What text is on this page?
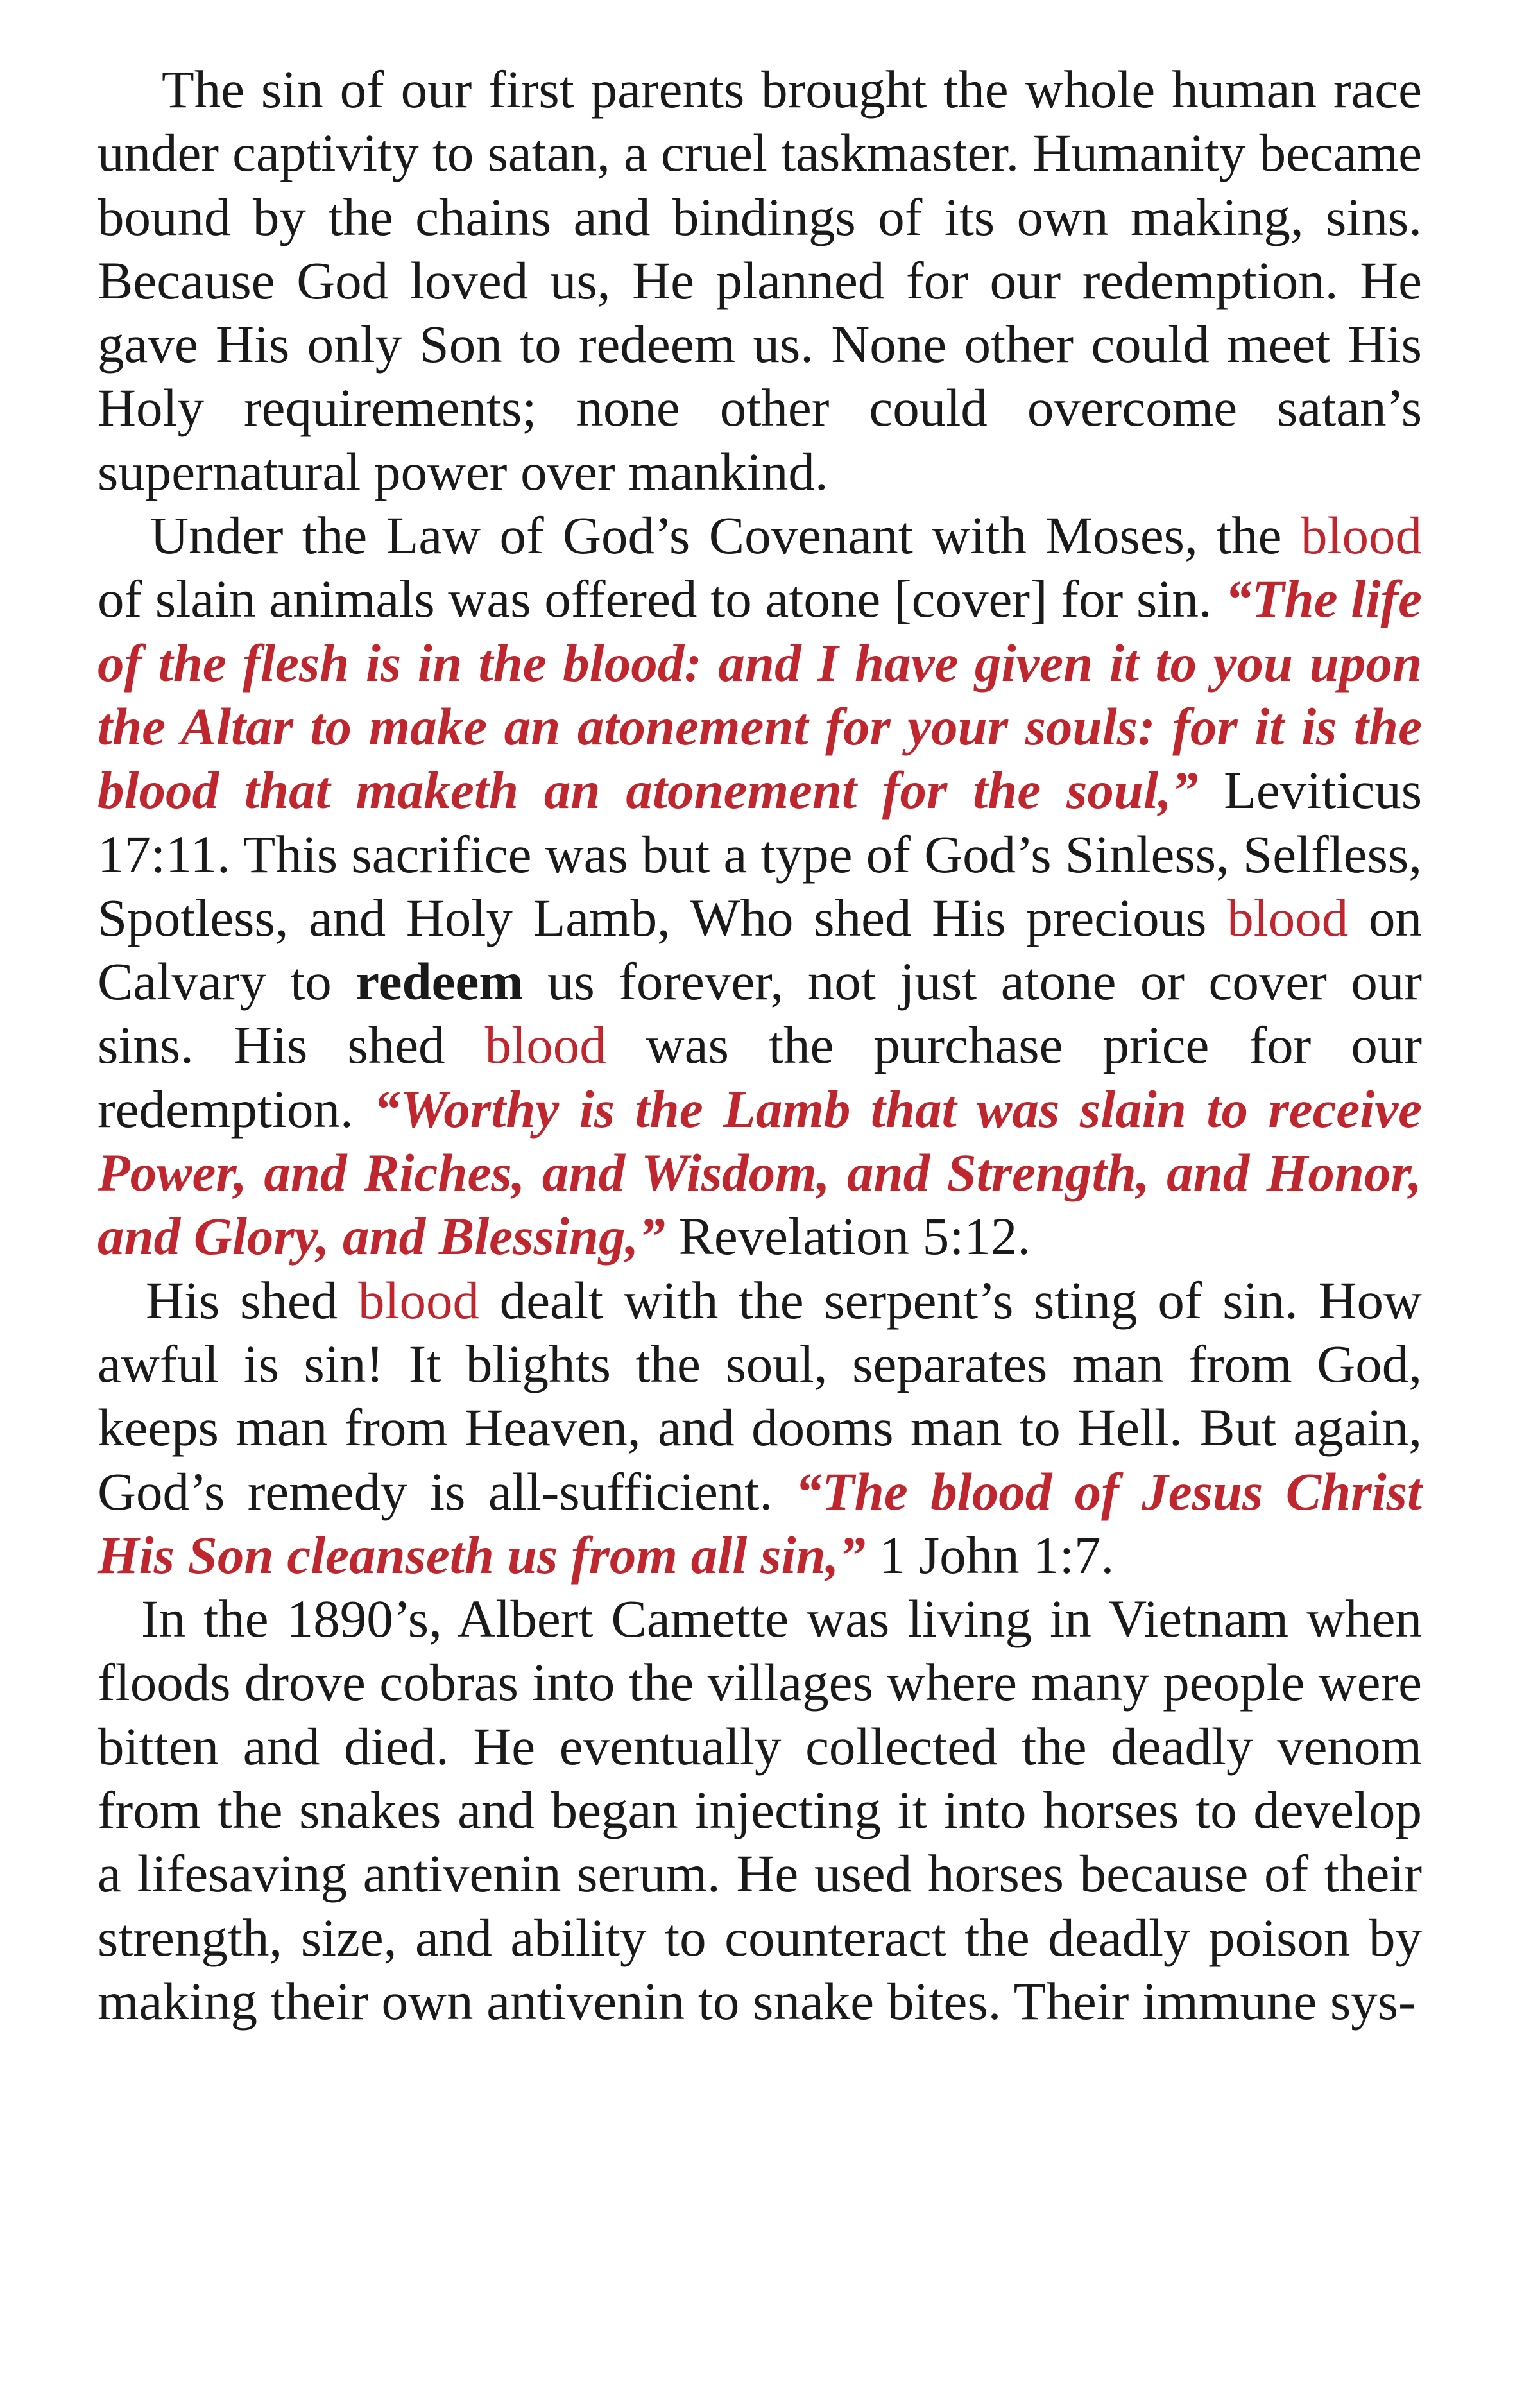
The sin of our first parents brought the whole human race under captivity to satan, a cruel taskmaster. Humanity became bound by the chains and bindings of its own making, sins. Because God loved us, He planned for our redemption. He gave His only Son to redeem us. None other could meet His Holy requirements; none other could overcome satan’s supernatural power over mankind.

Under the Law of God’s Covenant with Moses, the blood of slain animals was offered to atone [cover] for sin. “The life of the flesh is in the blood: and I have given it to you upon the Altar to make an atonement for your souls: for it is the blood that maketh an atonement for the soul,” Leviticus 17:11. This sacrifice was but a type of God’s Sinless, Selfless, Spotless, and Holy Lamb, Who shed His precious blood on Calvary to redeem us forever, not just atone or cover our sins. His shed blood was the purchase price for our redemption. “Worthy is the Lamb that was slain to receive Power, and Riches, and Wisdom, and Strength, and Honor, and Glory, and Blessing,” Revelation 5:12.

His shed blood dealt with the serpent’s sting of sin. How awful is sin! It blights the soul, separates man from God, keeps man from Heaven, and dooms man to Hell. But again, God’s remedy is all-sufficient. “The blood of Jesus Christ His Son cleanseth us from all sin,” 1 John 1:7.

In the 1890’s, Albert Camette was living in Vietnam when floods drove cobras into the villages where many people were bitten and died. He eventually collected the deadly venom from the snakes and began injecting it into horses to develop a lifesaving antivenin serum. He used horses because of their strength, size, and ability to counteract the deadly poison by making their own antivenin to snake bites. Their immune sys-
